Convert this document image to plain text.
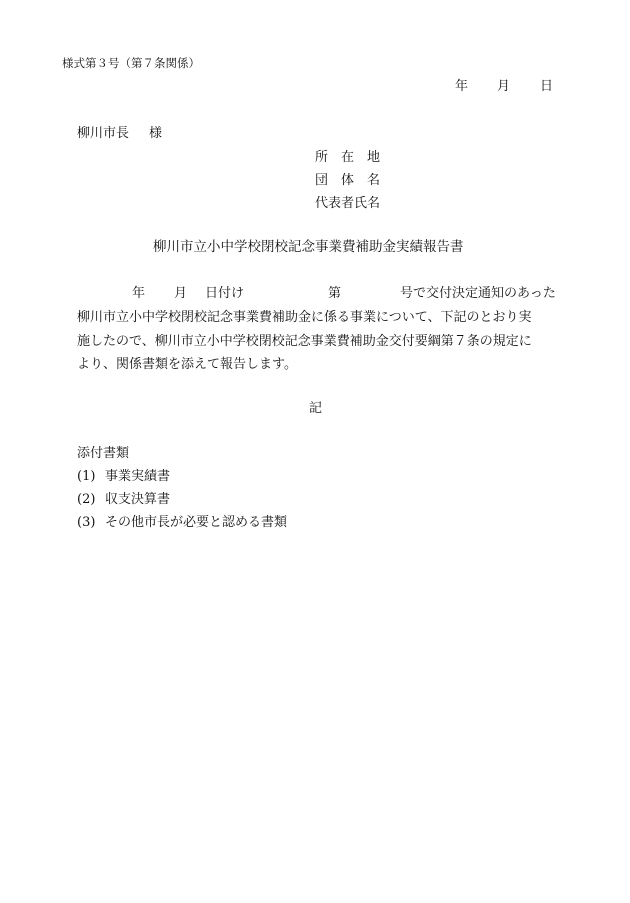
様式第３号（第７条関係）
年 月 日
柳川市長 様
所　在　地
団　体　名
代表者氏名
柳川市立小中学校閉校記念事業費補助金実績報告書
年 月 日付け	第	号で交付決定通知のあった

柳川市立小中学校閉校記念事業費補助金に係る事業について、下記のとおり実

施したので、柳川市立小中学校閉校記念事業費補助金交付要綱第７条の規定に

より、関係書類を添えて報告します。

記
添付書類
(1) 事業実績書
(2) 収支決算書
(3) その他市長が必要と認める書類
